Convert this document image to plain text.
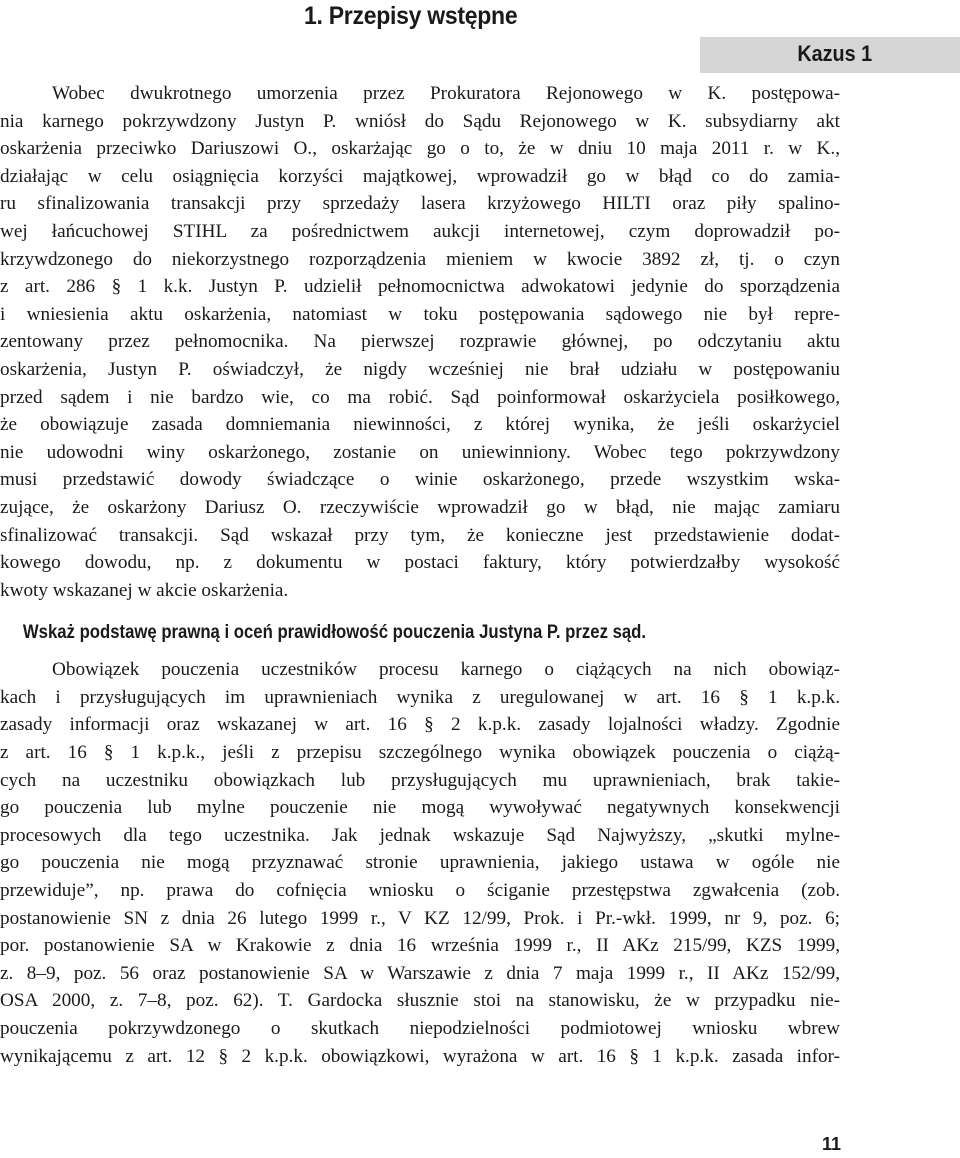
1. Przepisy wstępne
Kazus 1
Wobec dwukrotnego umorzenia przez Prokuratora Rejonowego w K. postępowa-
nia karnego pokrzywdzony Justyn P. wniósł do Sądu Rejonowego w K. subsydiarny akt
oskarżenia przeciwko Dariuszowi O., oskarżając go o to, że w dniu 10 maja 2011 r. w K.,
działając w celu osiągnięcia korzyści majątkowej, wprowadził go w błąd co do zamia-
ru sfinalizowania transakcji przy sprzedaży lasera krzyżowego HILTI oraz piły spalino-
wej łańcuchowej STIHL za pośrednictwem aukcji internetowej, czym doprowadził po-
krzywdzonego do niekorzystnego rozporządzenia mieniem w kwocie 3892 zł, tj. o czyn
z art. 286 § 1 k.k. Justyn P. udzielił pełnomocnictwa adwokatowi jedynie do sporządzenia
i wniesienia aktu oskarżenia, natomiast w toku postępowania sądowego nie był repre-
zentowany przez pełnomocnika. Na pierwszej rozprawie głównej, po odczytaniu aktu
oskarżenia, Justyn P. oświadczył, że nigdy wcześniej nie brał udziału w postępowaniu
przed sądem i nie bardzo wie, co ma robić. Sąd poinformował oskarżyciela posiłkowego,
że obowiązuje zasada domniemania niewinności, z której wynika, że jeśli oskarżyciel
nie udowodni winy oskarżonego, zostanie on uniewinniony. Wobec tego pokrzywdzony
musi przedstawić dowody świadczące o winie oskarżonego, przede wszystkim wska-
zujące, że oskarżony Dariusz O. rzeczywiście wprowadził go w błąd, nie mając zamiaru
sfinalizować transakcji. Sąd wskazał przy tym, że konieczne jest przedstawienie dodat-
kowego dowodu, np. z dokumentu w postaci faktury, który potwierdzałby wysokość
kwoty wskazanej w akcie oskarżenia.
Wskaż podstawę prawną i oceń prawidłowość pouczenia Justyna P. przez sąd.
Obowiązek pouczenia uczestników procesu karnego o ciążących na nich obowiąz-
kach i przysługujących im uprawnieniach wynika z uregulowanej w art. 16 § 1 k.p.k.
zasady informacji oraz wskazanej w art. 16 § 2 k.p.k. zasady lojalności władzy. Zgodnie
z art. 16 § 1 k.p.k., jeśli z przepisu szczególnego wynika obowiązek pouczenia o ciążą-
cych na uczestniku obowiązkach lub przysługujących mu uprawnieniach, brak takie-
go pouczenia lub mylne pouczenie nie mogą wywoływać negatywnych konsekwencji
procesowych dla tego uczestnika. Jak jednak wskazuje Sąd Najwyższy, „skutki mylne-
go pouczenia nie mogą przyznawać stronie uprawnienia, jakiego ustawa w ogóle nie
przewiduje”, np. prawa do cofnięcia wniosku o ściganie przestępstwa zgwałcenia (zob.
postanowienie SN z dnia 26 lutego 1999 r., V KZ 12/99, Prok. i Pr.-wkł. 1999, nr 9, poz. 6;
por. postanowienie SA w Krakowie z dnia 16 września 1999 r., II AKz 215/99, KZS 1999,
z. 8–9, poz. 56 oraz postanowienie SA w Warszawie z dnia 7 maja 1999 r., II AKz 152/99,
OSA 2000, z. 7–8, poz. 62). T. Gardocka słusznie stoi na stanowisku, że w przypadku nie-
pouczenia pokrzywdzonego o skutkach niepodzielności podmiotowej wniosku wbrew
wynikającemu z art. 12 § 2 k.p.k. obowiązkowi, wyrażona w art. 16 § 1 k.p.k. zasada infor-
11
